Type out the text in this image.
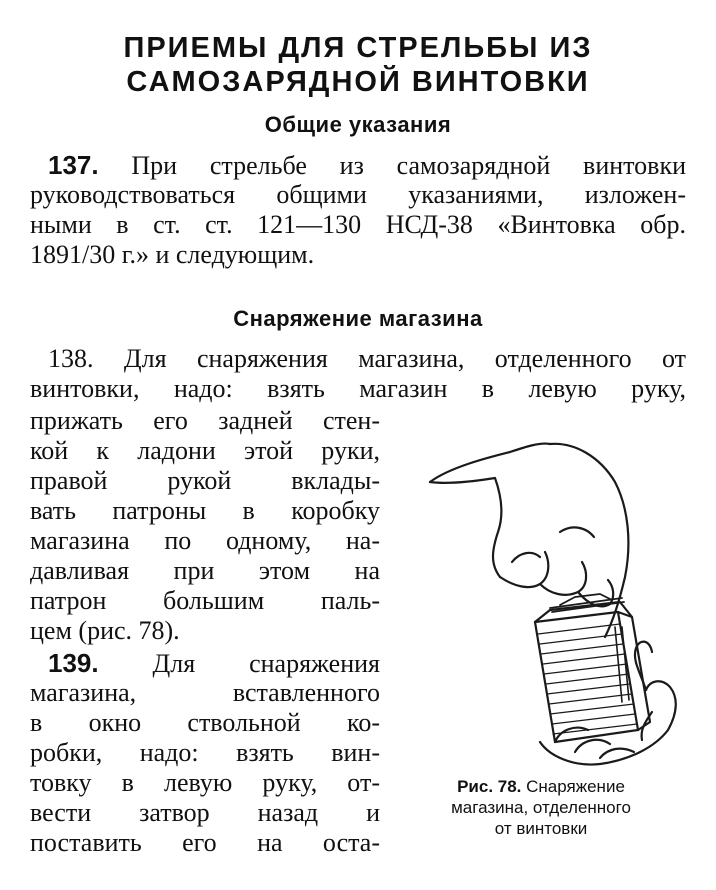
ПРИЕМЫ ДЛЯ СТРЕЛЬБЫ ИЗ
САМОЗАРЯДНОЙ ВИНТОВКИ
Общие указания

137. При стрельбе из самозарядной винтовки

руководствоваться общими указаниями, изложен-

ными в ст. ст. 121—130 НСД-38 «Винтовка обр.

1891/30 г.» и следующим.

Снаряжение магазина

138. Для снаряжения магазина, отделенного от

винтовки, надо: взять магазин в левую руку,

прижать его задней стен-

кой к ладони этой руки,

правой рукой вклады-

вать патроны в коробку

магазина по одному, на-

давливая при этом на

патрон большим паль-

цем (рис. 78).

139. Для снаряжения

магазина, вставленного

в окно ствольной ко-

робки, надо: взять вин-

товку в левую руку, от-

вести затвор назад и

поставить его на оста-

Рис. 78. Снаряжение
магазина, отделенного
от винтовки
